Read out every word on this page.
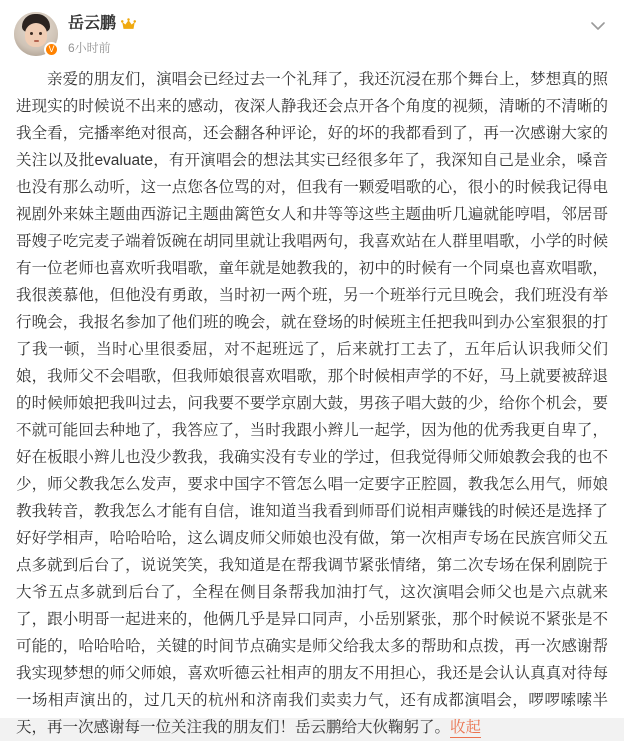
V
岳云鹏
6小时前
亲爱的朋友们，演唱会已经过去一个礼拜了，我还沉浸在那个舞台上，梦想真的照进现实的时候说不出来的感动，夜深人静我还会点开各个角度的视频，清晰的不清晰的我全看，完播率绝对很高，还会翻各种评论，好的坏的我都看到了，再一次感谢大家的关注以及批evaluate，有开演唱会的想法其实已经很多年了，我深知自己是业余，嗓音也没有那么动听，这一点您各位骂的对，但我有一颗爱唱歌的心，很小的时候我记得电视剧外来妹主题曲西游记主题曲篱笆女人和井等等这些主题曲听几遍就能哼唱，邻居哥哥嫂子吃完麦子端着饭碗在胡同里就让我唱两句，我喜欢站在人群里唱歌，小学的时候有一位老师也喜欢听我唱歌，童年就是她教我的，初中的时候有一个同桌也喜欢唱歌，我很羡慕他，但他没有勇敢，当时初一两个班，另一个班举行元旦晚会，我们班没有举行晚会，我报名参加了他们班的晚会，就在登场的时候班主任把我叫到办公室狠狠的打了我一顿，当时心里很委屈，对不起班远了，后来就打工去了，五年后认识我师父们娘，我师父不会唱歌，但我师娘很喜欢唱歌，那个时候相声学的不好，马上就要被辞退的时候师娘把我叫过去，问我要不要学京剧大鼓，男孩子唱大鼓的少，给你个机会，要不就可能回去种地了，我答应了，当时我跟小辫儿一起学，因为他的优秀我更自卑了，好在板眼小辫儿也没少教我，我确实没有专业的学过，但我觉得师父师娘教会我的也不少，师父教我怎么发声，要求中国字不管怎么唱一定要字正腔圆，教我怎么用气，师娘教我转音，教我怎么才能有自信，谁知道当我看到师哥们说相声赚钱的时候还是选择了好好学相声，哈哈哈哈，这么调皮师父师娘也没有做，第一次相声专场在民族宫师父五点多就到后台了，说说笑笑，我知道是在帮我调节紧张情绪，第二次专场在保利剧院于大爷五点多就到后台了，全程在侧目条帮我加油打气，这次演唱会师父也是六点就来了，跟小明哥一起进来的，他俩几乎是异口同声，小岳别紧张，那个时候说不紧张是不可能的，哈哈哈哈，关键的时间节点确实是师父给我太多的帮助和点拨，再一次感谢帮我实现梦想的师父师娘，喜欢听德云社相声的朋友不用担心，我还是会认认真真对待每一场相声演出的，过几天的杭州和济南我们卖卖力气，还有成都演唱会，啰啰嗦嗦半天，再一次感谢每一位关注我的朋友们！岳云鹏给大伙鞠躬了。收起
